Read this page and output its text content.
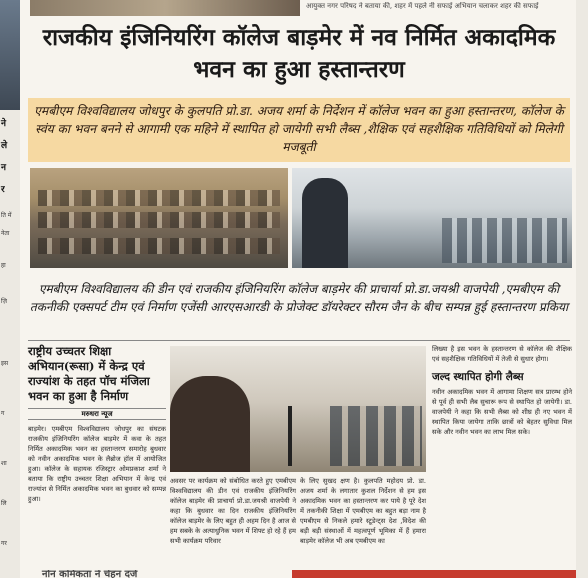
ने
ले
न
र
ति में
नेता
हा
ज़ि
इस
ग
शा
लि
गर
आयुक्त नगर परिषद ने बताया की, शहर में पहले नी सफाई अभियान चलाकर शहर की सफाई
राजकीय इंजिनियरिंग कॉलेज बाड़मेर में नव निर्मित अकादमिक भवन का हुआ हस्तान्तरण
एमबीएम विश्वविद्यालय जोधपुर के कुलपति प्रो.डा. अजय शर्मा के निर्देशन में कॉलेज भवन का हुआ हस्तान्तरण, कॉलेज के स्वंय का भवन बनने से आगामी एक महिने में स्थापित हो जायेगी सभी लैब्स ,शैक्षिक एवं सहशैक्षिक गतिविधियों को मिलेगी मजबूती
एमबीएम विश्वविद्यालय की डीन एवं राजकीय इंजिनियरिंग कॉलेज बाड़मेर की प्राचार्या प्रो.डा.जयश्री वाजपेयी ,एमबीएम की तकनीकी एक्सपर्ट टीम एवं निर्माण एजेंसी आरएसआरडी के प्रोजेक्ट डॉयरेक्टर सौरम जैन के बीच सम्पन्न हुई हस्तान्तरण प्रकिया
राष्ट्रीय उच्चतर शिक्षा अभियान(रूसा) में केन्द्र एवं राज्यांश के तहत पॉच मंजिला भवन का हुआ है निर्माण
मरुधरा न्यूज

बाड़मेर। एमबीएम विश्वविद्यालय जोधपुर का संघटक राजकीय इंजिनियरिंग कॉलेज बाड़मेर में कवा के तहत निर्मित अकादमिक भवन का हस्तान्तरण समारोह बुधवार को नवीन अकादमिक भवन के लैब्रोज हॉल में आयोजित हुआ। कॉलेज के सहायक रजिस्ट्रार ओमप्रकाश शर्मा ने बताया कि राष्ट्रीय उच्चतर शिक्षा अभियान में केन्द्र एवं राज्यांश से निर्मित अकादमिक भवन का बुधवार को सम्पन्न हुआ।

अवसर पर कार्यक्रम को संबोधित करते हुए एमबीएम विश्वविद्यालय की डीन एवं राजकीय इंजिनियरिंग कॉलेज बाड़मेर की प्राचार्या प्रो.डा.जयश्री वाजपेयी ने कहा कि बुधवार का दिन राजकीय इंजिनियरिंग कॉलेज बाड़मेर के लिए बहुत ही अहम दिन है आज से हम सबके के अत्याधुनिक भवन में शिफ्ट हो रहे हैं हम सभी कार्यक्रम परिवार

के लिए सुखद क्षण है। कुलपति महोदय प्रो. डा. अजय शर्मा के लगातार कुशल निर्देशन से हम इस अकादमिक भवन का हस्तान्तरण कर पाये है पूरे देश में तकनीकी शिक्षा में एमबीएम का बहुत बड़ा नाम है एमबीएम से निकले हमारे स्टूडेन्ट्स देश ,विदेश की बड़ी बड़ी संस्थाओं में महत्वपूर्ण भूमिका में हैं हमारा बाड़मेर कॉलेज भी अब एमबीएम का

लिख्या है इस भवन के हस्तान्तरण से कॉलेज की शैक्षिक एवं सहशैक्षिक गतिविधियों में तेजी से सुधार होगा।

जल्द स्थापित होगी लैब्स

नवीन अकादमिक भवन में आगामा शिक्षण सत्र प्रारम्भ होने से पूर्व ही सभी लैब सुचारू रूप से स्थापित हो जायेगी। डा. वाजपेयी ने कहा कि सभी लैब्स को शीघ्र ही नए भवन में स्थापित किया जायेगा ताकि छात्रों को बेहतर सुविधा मिल सके और नवीन भवन का लाभ मिल सके।

नोन कर्मिकता ने चेहन दर्ज
